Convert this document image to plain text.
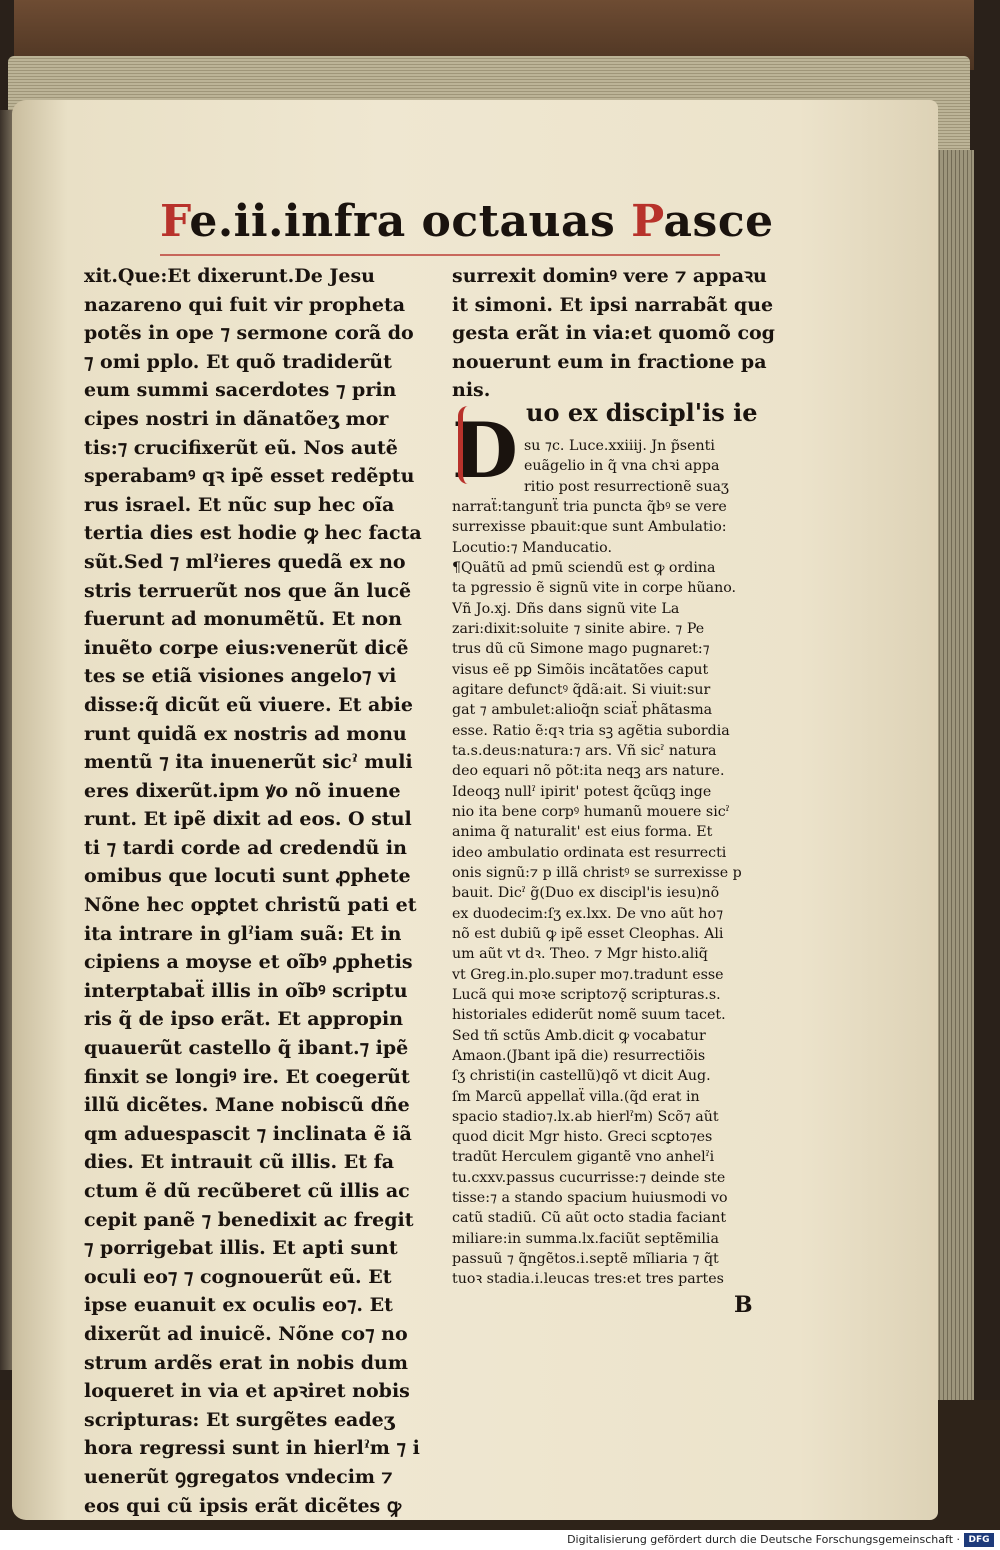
Fe.ii.infra octauas Pasce
xit.Que:Et dixerunt.De Jesu
nazareno qui fuit vir propheta
potẽs in ope ⁊ sermone corã do
⁊ omi pplo. Et quõ tradiderũt
eum summi sacerdotes ⁊ prin
cipes nostri in dãnatõeʒ mor
tis:⁊ crucifixerũt eũ. Nos autẽ
sperabamꝰ qꝛ ipẽ esset redẽptu
rus israel. Et nũc sup hec oĩa
tertia dies est hodie ꝙ hec facta
sũt.Sed ⁊ mlˀieres quedã ex no
stris terruerũt nos que ãn lucẽ
fuerunt ad monumẽtũ. Et non
inuẽto corpe eius:venerũt dicẽ
tes se etiã visiones angelo⁊ vi
disse:q̃ dicũt eũ viuere. Et abie
runt quidã ex nostris ad monu
mentũ ⁊ ita inuenerũt sicˀ muli
eres dixerũt.ipm ꝟo nõ inuene
runt. Et ipẽ dixit ad eos. O stul
ti ⁊ tardi corde ad credendũ in
omibus que locuti sunt ꝓphete
Nõne hec opꝑtet christũ pati et
ita intrare in glˀiam suã: Et in
cipiens a moyse et oĩbꝰ ꝓphetis
interptabaẗ illis in oĩbꝰ scriptu
ris q̃ de ipso erãt. Et appropin
quauerũt castello q̃ ibant.⁊ ipẽ
finxit se longiꝰ ire. Et coegerũt
illũ dicẽtes. Mane nobiscũ dñe
qm aduespascit ⁊ inclinata ẽ iã
dies. Et intrauit cũ illis. Et fa
ctum ẽ dũ recũberet cũ illis ac
cepit panẽ ⁊ benedixit ac fregit
⁊ porrigebat illis. Et apti sunt
oculi eo⁊ ⁊ cognouerũt eũ. Et
ipse euanuit ex oculis eo⁊. Et
dixerũt ad inuicẽ. Nõne co⁊ no
strum ardẽs erat in nobis dum
loqueret in via et apꝛiret nobis
scripturas: Et surgẽtes eadeʒ
hora regressi sunt in hierlˀm ⁊ i
uenerũt ꝯgregatos vndecim ⁊
eos qui cũ ipsis erãt dicẽtes ꝙ
surrexit dominꝰ vere ⁊ appaꝛu
it simoni. Et ipsi narrabãt que
gesta erãt in via:et quomõ cog
nouerunt eum in fractione pa
nis.
D uo ex discipl'is ie
su ⁊c. Luce.xxiiij. Jn p̃senti
euãgelio in q̃ vna chꝛi appa
ritio post resurrectionẽ suaʒ
narraẗ:tangunẗ tria puncta q̃bꝰ se vere
surrexisse pbauit:que sunt Ambulatio:
Locutio:⁊ Manducatio.
¶Quãtũ ad pmũ sciendũ est ꝙ ordina
ta pgressio ẽ signũ vite in corpe hũano.
Vñ Jo.xj. Dñs dans signũ vite La
zari:dixit:soluite ⁊ sinite abire. ⁊ Pe
trus dũ cũ Simone mago pugnaret:⁊
visus eẽ pꝑ Simõis incãtatões caput
agitare defunctꝰ q̃dã:ait. Si viuit:sur
gat ⁊ ambulet:alioq̃n sciaẗ phãtasma
esse. Ratio ẽ:qꝛ tria sꝫ agẽtia subordia
ta.s.deus:natura:⁊ ars. Vñ sicˀ natura
deo equari nõ põt:ita neqꝫ ars nature.
Ideoqꝫ nullˀ ipirit' potest q̃cũqꝫ inge
nio ita bene corpꝰ humanũ mouere sicˀ
anima q̃ naturalit' est eius forma. Et
ideo ambulatio ordinata est resurrecti
onis signũ:⁊ p illã christꝰ se surrexisse p
bauit. Dicˀ g̃(Duo ex discipl'is iesu)nõ
ex duodecim:ſʒ ex.lxx. De vno aũt ho⁊
nõ est dubiũ ꝙ ipẽ esset Cleophas. Ali
um aũt vt dꝛ. Theo. ⁊ Mgr histo.aliq̃
vt Greg.in.plo.super mo⁊.tradunt esse
Lucã qui moꝛe scripto⁊ǫ̃ scripturas.s.
historiales ediderũt nomẽ suum tacet.
Sed tñ sctũs Amb.dicit ꝙ vocabatur
Amaon.(Jbant ipã die) resurrectiõis
ſʒ christi(in castellũ)qõ vt dicit Aug.
ſm Marcũ appellaẗ villa.(q̃d erat in
spacio stadio⁊.lx.ab hierlˀm) Scõ⁊ aũt
quod dicit Mgr histo. Greci scꝑto⁊es
tradũt Herculem gigantẽ vno anhelˀi
tu.cxxv.passus cucurrisse:⁊ deinde ste
tisse:⁊ a stando spacium huiusmodi vo
catũ stadiũ. Cũ aũt octo stadia faciant
miliare:in summa.lx.faciũt septẽmilia
passuũ ⁊ q̃ngẽtos.i.septẽ mĩliaria ⁊ q̃t
tuoꝛ stadia.i.leucas tres:et tres partes
B
Digitalisierung gefördert durch die Deutsche Forschungsgemeinschaft · DFG
